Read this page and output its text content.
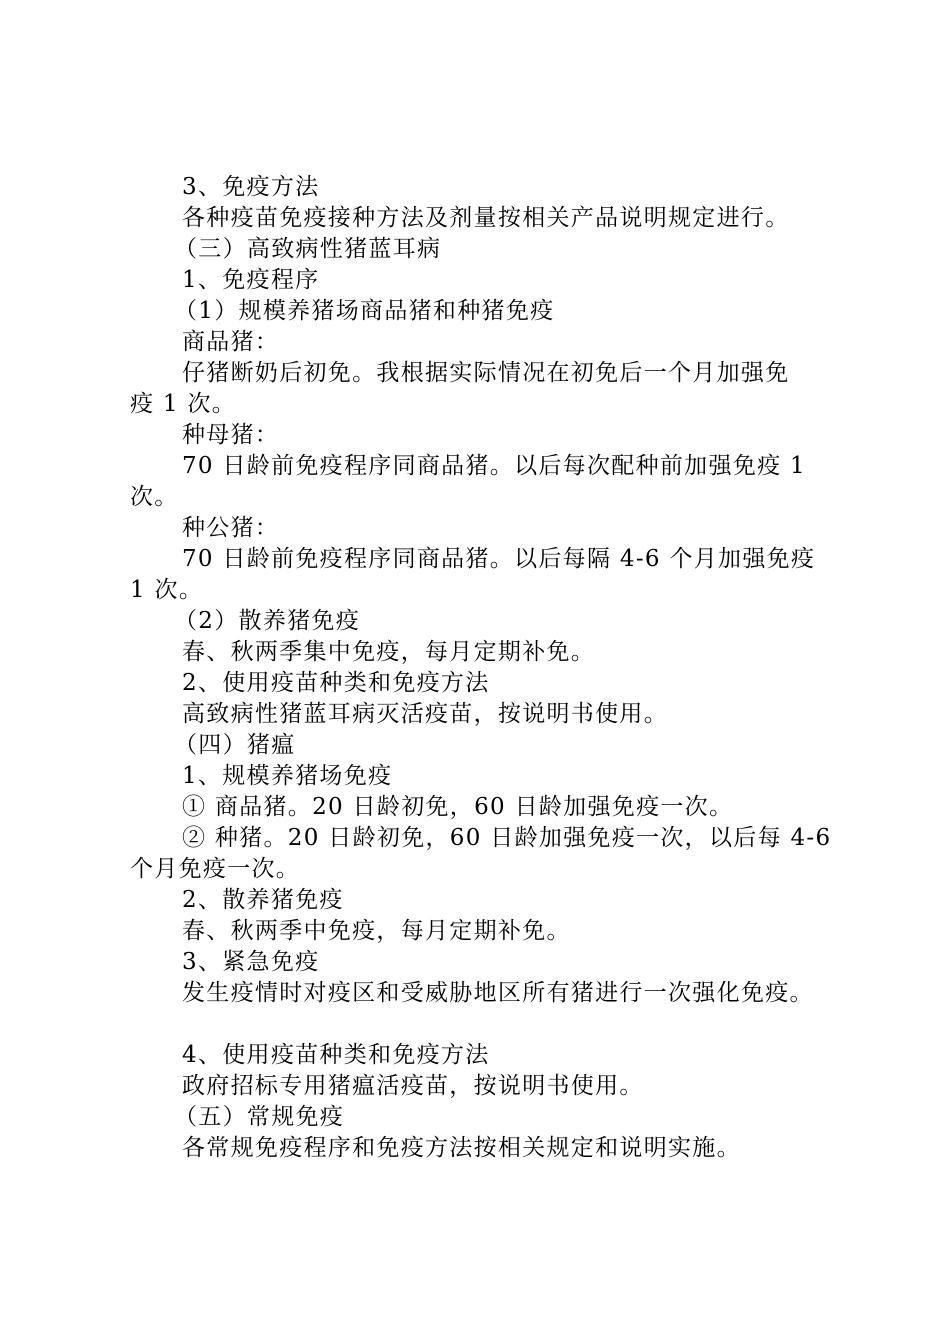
3、免疫方法
各种疫苗免疫接种方法及剂量按相关产品说明规定进行。
（三）高致病性猪蓝耳病
1、免疫程序
（1）规模养猪场商品猪和种猪免疫
商品猪：
仔猪断奶后初免。我根据实际情况在初免后一个月加强免
疫 1 次。
种母猪：
70 日龄前免疫程序同商品猪。以后每次配种前加强免疫 1
次。
种公猪：
70 日龄前免疫程序同商品猪。以后每隔 4-6 个月加强免疫
1 次。
（2）散养猪免疫
春、秋两季集中免疫，每月定期补免。
2、使用疫苗种类和免疫方法
高致病性猪蓝耳病灭活疫苗，按说明书使用。
（四）猪瘟
1、规模养猪场免疫
① 商品猪。20 日龄初免，60 日龄加强免疫一次。
② 种猪。20 日龄初免，60 日龄加强免疫一次，以后每 4-6
个月免疫一次。
2、散养猪免疫
春、秋两季中免疫，每月定期补免。
3、紧急免疫
发生疫情时对疫区和受威胁地区所有猪进行一次强化免疫。
4、使用疫苗种类和免疫方法
政府招标专用猪瘟活疫苗，按说明书使用。
（五）常规免疫
各常规免疫程序和免疫方法按相关规定和说明实施。
